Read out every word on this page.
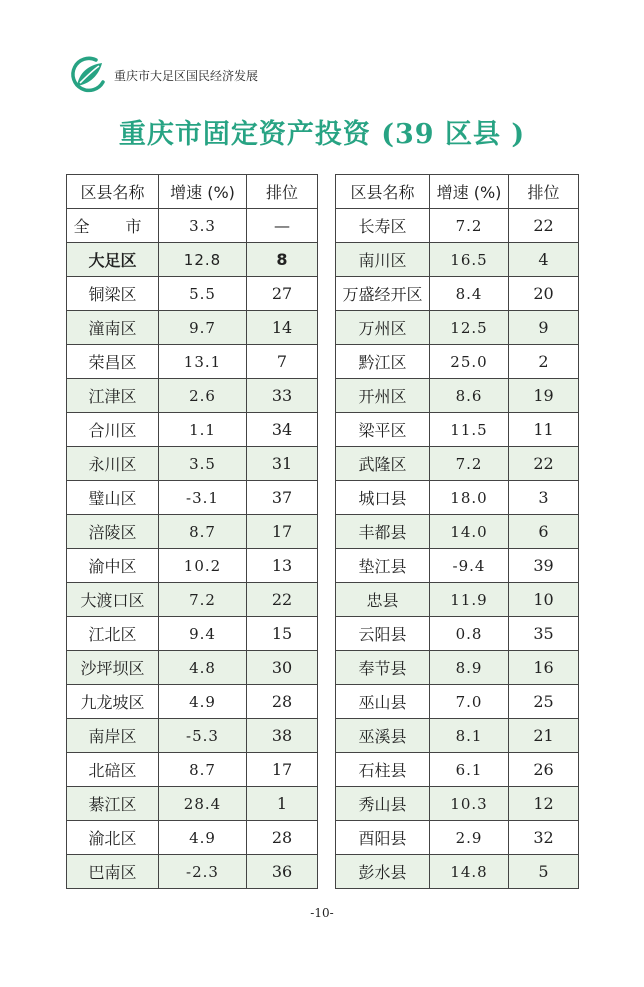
重庆市大足区国民经济发展
重庆市固定资产投资 (39 区县 )
区县名称	增速 (%)	排位
全　市	3.3	—
大足区	12.8	8
铜梁区	5.5	27
潼南区	9.7	14
荣昌区	13.1	7
江津区	2.6	33
合川区	1.1	34
永川区	3.5	31
璧山区	-3.1	37
涪陵区	8.7	17
渝中区	10.2	13
大渡口区	7.2	22
江北区	9.4	15
沙坪坝区	4.8	30
九龙坡区	4.9	28
南岸区	-5.3	38
北碚区	8.7	17
綦江区	28.4	1
渝北区	4.9	28
巴南区	-2.3	36
区县名称	增速 (%)	排位
长寿区	7.2	22
南川区	16.5	4
万盛经开区	8.4	20
万州区	12.5	9
黔江区	25.0	2
开州区	8.6	19
梁平区	11.5	11
武隆区	7.2	22
城口县	18.0	3
丰都县	14.0	6
垫江县	-9.4	39
忠县	11.9	10
云阳县	0.8	35
奉节县	8.9	16
巫山县	7.0	25
巫溪县	8.1	21
石柱县	6.1	26
秀山县	10.3	12
酉阳县	2.9	32
彭水县	14.8	5
-10-
